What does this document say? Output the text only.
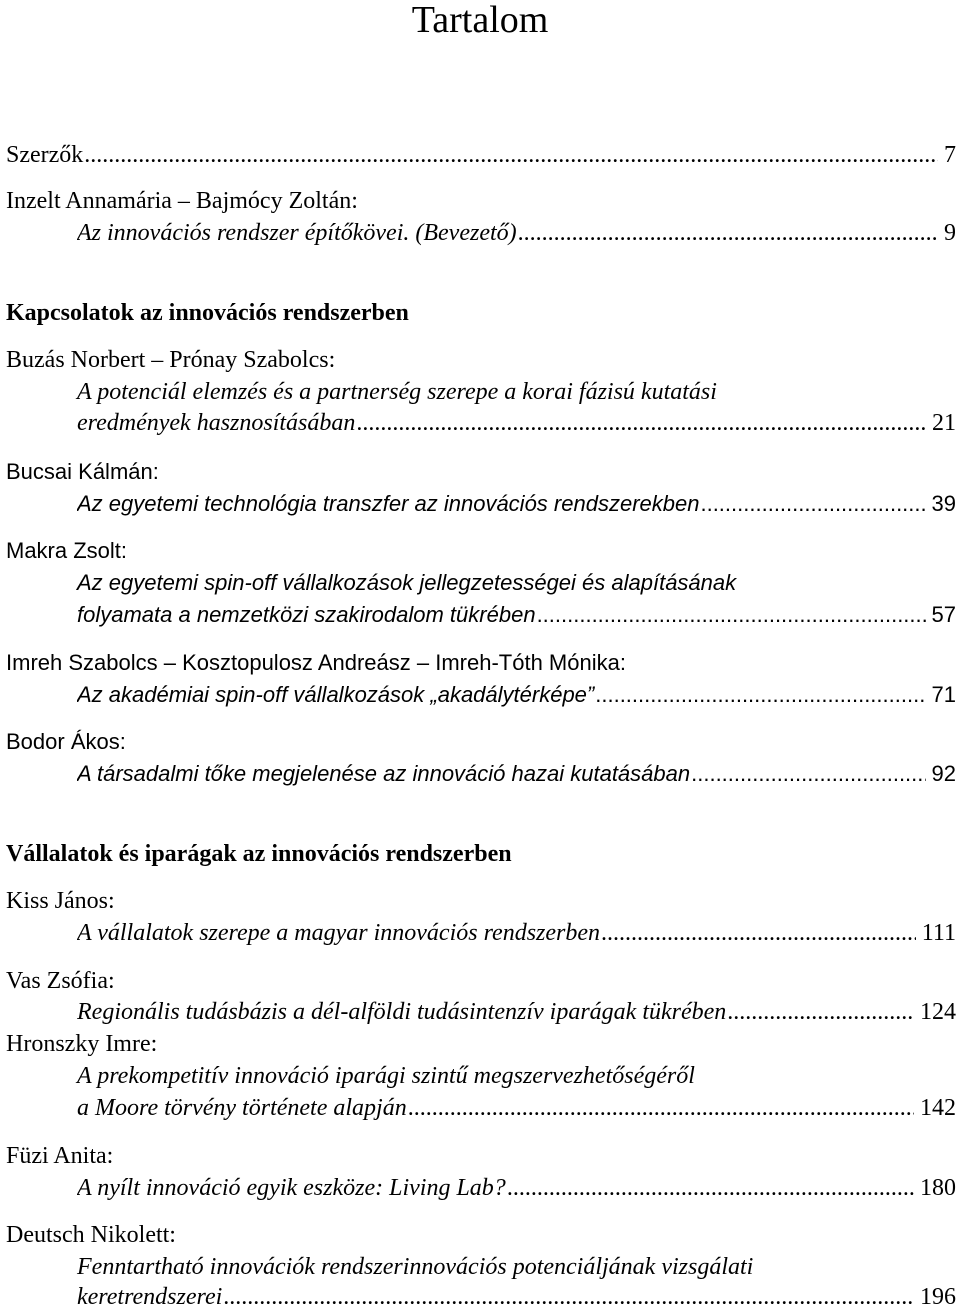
Tartalom
Szerzők .....	7
Inzelt Annamária – Bajmócy Zoltán:
Az innovációs rendszer építőkövei. (Bevezető) .....	9
Kapcsolatok az innovációs rendszerben
Buzás Norbert – Prónay Szabolcs:
A potenciál elemzés és a partnerség szerepe a korai fázisú kutatási
eredmények hasznosításában .....	21
Bucsai Kálmán:
Az egyetemi technológia transzfer az innovációs rendszerekben .....	39
Makra Zsolt:
Az egyetemi spin-off vállalkozások jellegzetességei és alapításának
folyamata a nemzetközi szakirodalom tükrében .....	57
Imreh Szabolcs – Kosztopulosz Andreász – Imreh-Tóth Mónika:
Az akadémiai spin-off vállalkozások „akadálytérképe” .....	71
Bodor Ákos:
A társadalmi tőke megjelenése az innováció hazai kutatásában .....	92
Vállalatok és iparágak az innovációs rendszerben
Kiss János:
A vállalatok szerepe a magyar innovációs rendszerben .....	111
Vas Zsófia:
Regionális tudásbázis a dél-alföldi tudásintenzív iparágak tükrében .....	124
Hronszky Imre:
A prekompetitív innováció iparági szintű megszervezhetőségéről
a Moore törvény története alapján .....	142
Füzi Anita:
A nyílt innováció egyik eszköze: Living Lab? .....	180
Deutsch Nikolett:
Fenntartható innovációk rendszerinnovációs potenciáljának vizsgálati
keretrendszerei .....	196
